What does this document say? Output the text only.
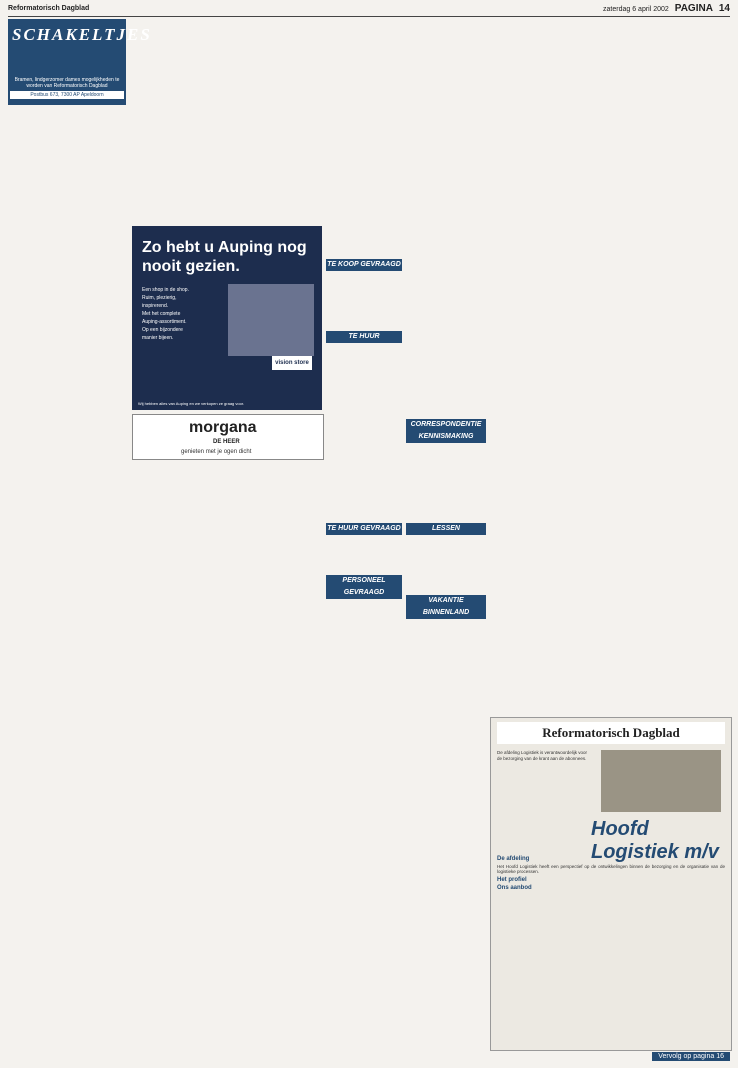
Reformatorisch Dagblad	zaterdag 6 april 2002 PAGINA 14
SCHAKELTJES
Bramen, lindgerzomer dames mogelijkheden te worden van Reformatorisch Dagblad
Postbus 673, 7300 AP Apeldoorn
TE KOOP GEVRAAGD
TE HUUR
TE HUUR GEVRAAGD
PERSONEEL GEVRAAGD
CORRESPONDENTIE KENNISMAKING
LESSEN
VAKANTIE BINNENLAND
Zo hebt u Auping nog nooit gezien.
Een shop in de shop.
Ruim, plezierig,
inspirerend.
Met het complete
Auping-assortiment.
Op een bijzondere
manier bijeen.
vision store
Wij hebben alles van Auping en we verkopen ze graag voor.
morgana
DE HEER
genieten met je ogen dicht
Reformatorisch Dagblad
De afdeling Logistiek is verantwoordelijk voor de bezorging van de krant aan de abonnees.
Hoofd Logistiek m/v
De afdeling
Het Hoofd Logistiek heeft een perspectief op de ontwikkelingen binnen de bezorging en de organisatie van de logistieke processen.
Het profiel
Ons aanbod
Vervolg op pagina 16
